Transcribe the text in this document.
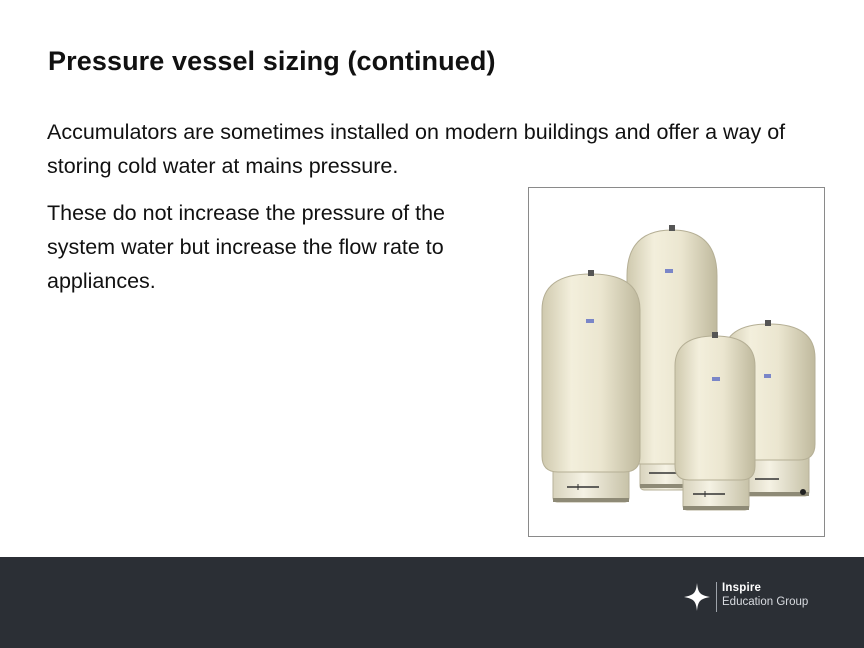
Pressure vessel sizing (continued)

Accumulators are sometimes installed on modern buildings and offer a way of storing cold water at mains pressure.

These do not increase the pressure of the system water but increase the flow rate to appliances.

Inspire
Education Group
